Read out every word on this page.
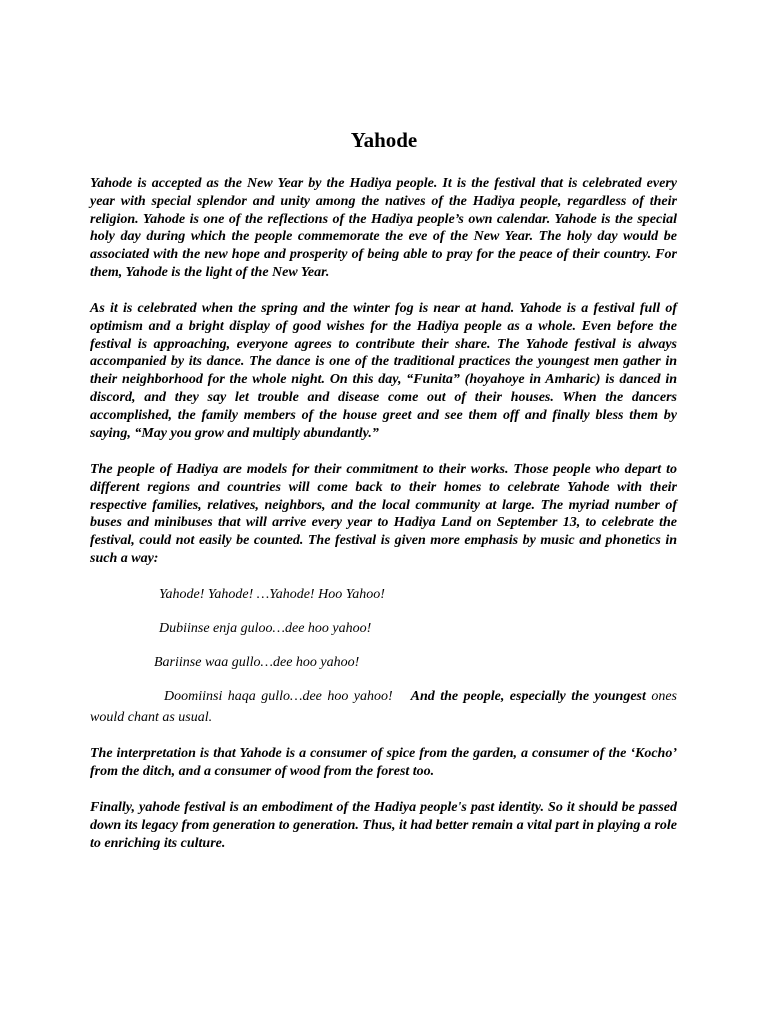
Yahode

Yahode is accepted as the New Year by the Hadiya people. It is the festival that is celebrated every year with special splendor and unity among the natives of the Hadiya people, regardless of their religion. Yahode is one of the reflections of the Hadiya people’s own calendar. Yahode is the special holy day during which the people commemorate the eve of the New Year. The holy day would be associated with the new hope and prosperity of being able to pray for the peace of their country. For them, Yahode is the light of the New Year.

As it is celebrated when the spring and the winter fog is near at hand. Yahode is a festival full of optimism and a bright display of good wishes for the Hadiya people as a whole. Even before the festival is approaching, everyone agrees to contribute their share. The Yahode festival is always accompanied by its dance. The dance is one of the traditional practices the youngest men gather in their neighborhood for the whole night. On this day, “Funita” (hoyahoye in Amharic) is danced in discord, and they say let trouble and disease come out of their houses. When the dancers accomplished, the family members of the house greet and see them off and finally bless them by saying, “May you grow and multiply abundantly.”

The people of Hadiya are models for their commitment to their works. Those people who depart to different regions and countries will come back to their homes to celebrate Yahode with their respective families, relatives, neighbors, and the local community at large. The myriad number of buses and minibuses that will arrive every year to Hadiya Land on September 13, to celebrate the festival, could not easily be counted. The festival is given more emphasis by music and phonetics in such a way:

Yahode! Yahode! …Yahode! Hoo Yahoo!

Dubiinse enja guloo…dee hoo yahoo!

Bariinse waa gullo…dee hoo yahoo!

Doomiinsi haqa gullo…dee hoo yahoo! And the people, especially the youngest ones would chant as usual.

The interpretation is that Yahode is a consumer of spice from the garden, a consumer of the ‘Kocho’ from the ditch, and a consumer of wood from the forest too.

Finally, yahode festival is an embodiment of the Hadiya people's past identity. So it should be passed down its legacy from generation to generation. Thus, it had better remain a vital part in playing a role to enriching its culture.
